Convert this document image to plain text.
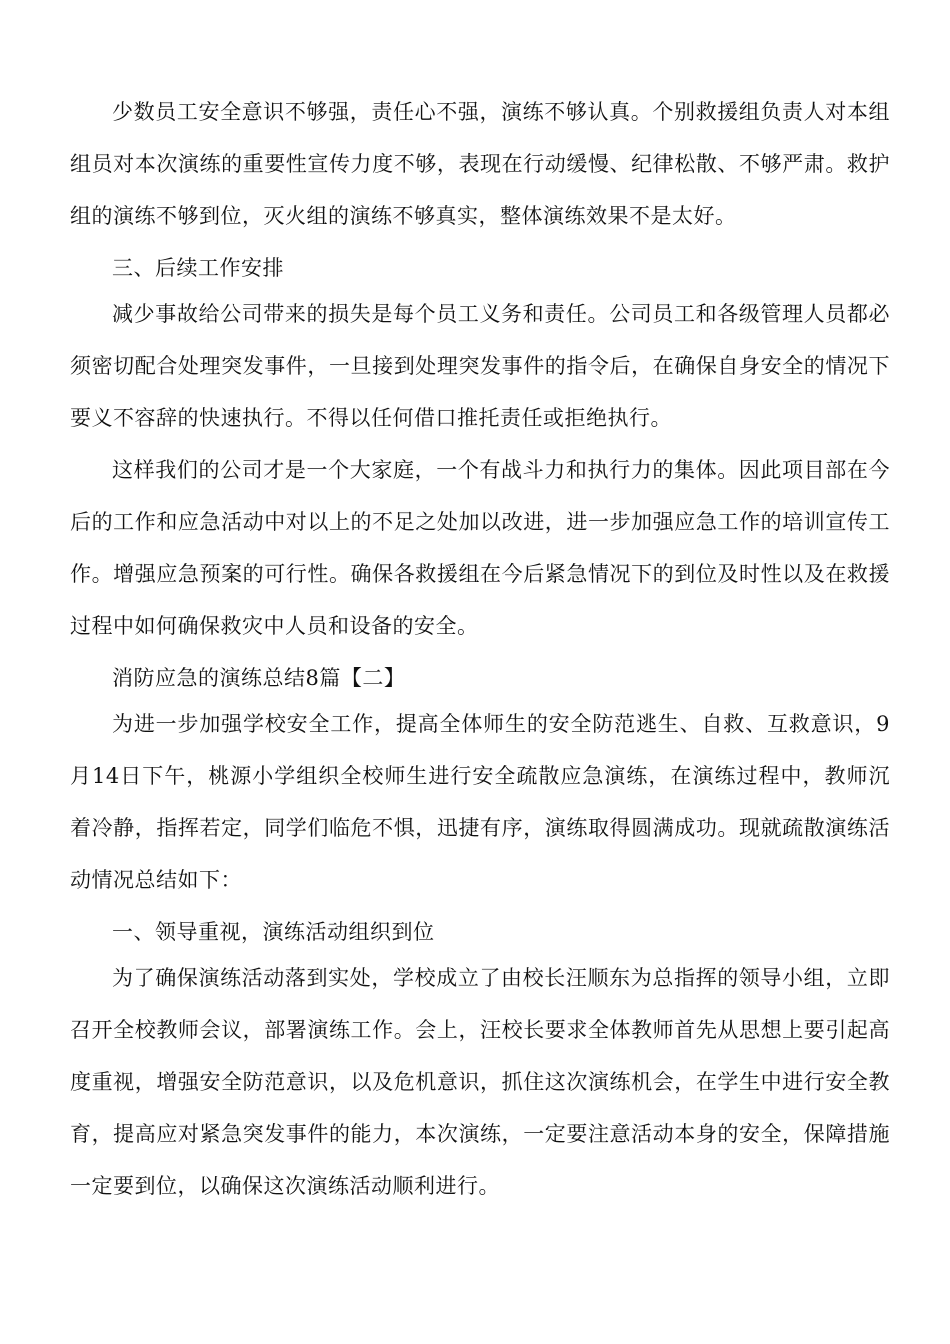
少数员工安全意识不够强，责任心不强，演练不够认真。个别救援组负责人对本组组员对本次演练的重要性宣传力度不够，表现在行动缓慢、纪律松散、不够严肃。救护组的演练不够到位，灭火组的演练不够真实，整体演练效果不是太好。

三、后续工作安排

减少事故给公司带来的损失是每个员工义务和责任。公司员工和各级管理人员都必须密切配合处理突发事件，一旦接到处理突发事件的指令后，在确保自身安全的情况下要义不容辞的快速执行。不得以任何借口推托责任或拒绝执行。

这样我们的公司才是一个大家庭，一个有战斗力和执行力的集体。因此项目部在今后的工作和应急活动中对以上的不足之处加以改进，进一步加强应急工作的培训宣传工作。增强应急预案的可行性。确保各救援组在今后紧急情况下的到位及时性以及在救援过程中如何确保救灾中人员和设备的安全。

消防应急的演练总结8篇【二】

为进一步加强学校安全工作，提高全体师生的安全防范逃生、自救、互救意识，9月14日下午，桃源小学组织全校师生进行安全疏散应急演练，在演练过程中，教师沉着冷静，指挥若定，同学们临危不惧，迅捷有序，演练取得圆满成功。现就疏散演练活动情况总结如下：

一、领导重视，演练活动组织到位

为了确保演练活动落到实处，学校成立了由校长汪顺东为总指挥的领导小组，立即召开全校教师会议，部署演练工作。会上，汪校长要求全体教师首先从思想上要引起高度重视，增强安全防范意识，以及危机意识，抓住这次演练机会，在学生中进行安全教育，提高应对紧急突发事件的能力，本次演练，一定要注意活动本身的安全，保障措施一定要到位，以确保这次演练活动顺利进行。
